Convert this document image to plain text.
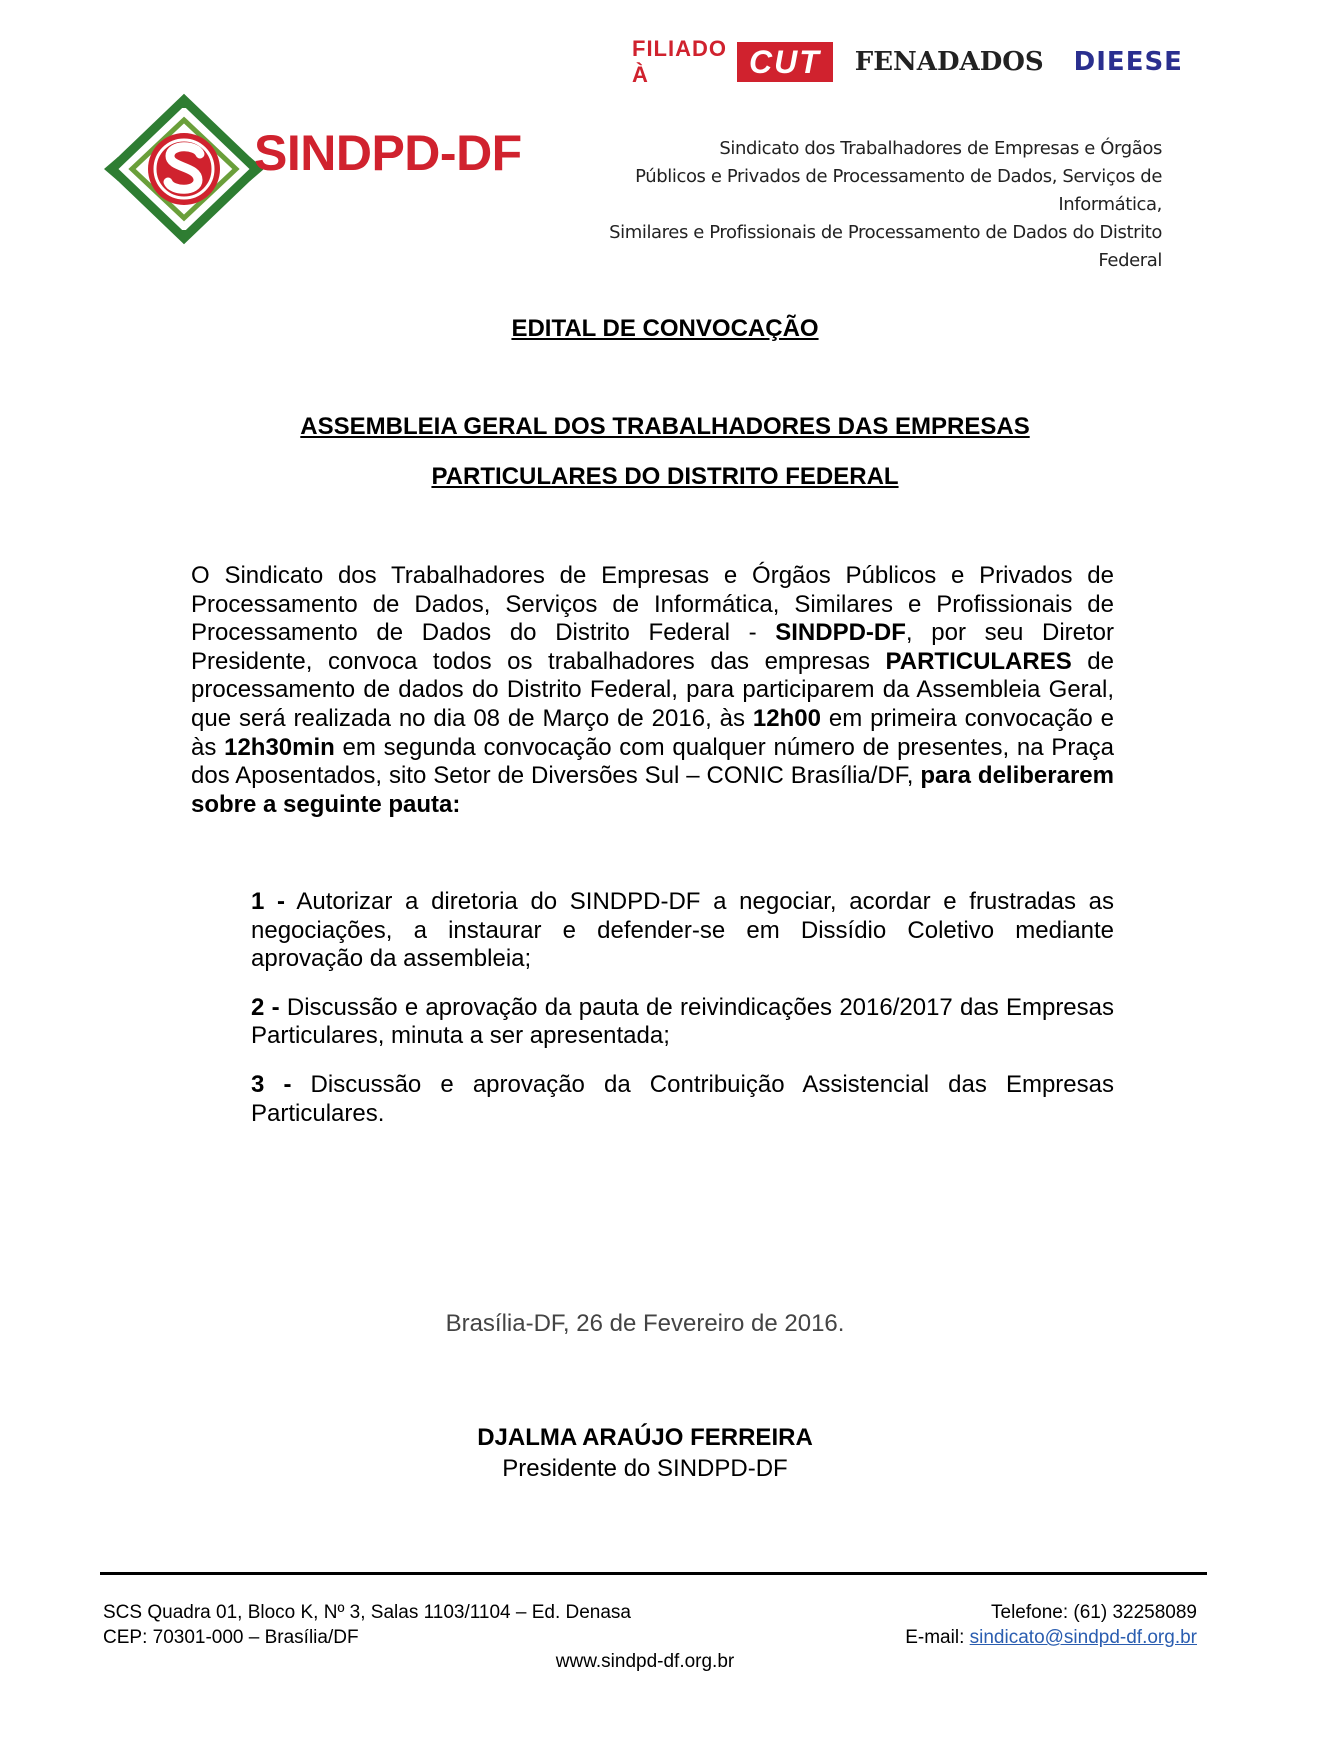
FILIADO À	CUT	FENADADOS DIEESE
SINDPD-DF	Sindicato dos Trabalhadores de Empresas e Órgãos
Públicos e Privados de Processamento de Dados, Serviços de Informática,
Similares e Profissionais de Processamento de Dados do Distrito Federal
EDITAL DE CONVOCAÇÃO
ASSEMBLEIA GERAL DOS TRABALHADORES DAS EMPRESAS
PARTICULARES DO DISTRITO FEDERAL
O Sindicato dos Trabalhadores de Empresas e Órgãos Públicos e Privados de Processamento de Dados, Serviços de Informática, Similares e Profissionais de Processamento de Dados do Distrito Federal - SINDPD-DF, por seu Diretor Presidente, convoca todos os trabalhadores das empresas PARTICULARES de processamento de dados do Distrito Federal, para participarem da Assembleia Geral, que será realizada no dia 08 de Março de 2016, às 12h00 em primeira convocação e às 12h30min em segunda convocação com qualquer número de presentes, na Praça dos Aposentados, sito Setor de Diversões Sul – CONIC Brasília/DF, para deliberarem sobre a seguinte pauta:
1 - Autorizar a diretoria do SINDPD-DF a negociar, acordar e frustradas as negociações, a instaurar e defender-se em Dissídio Coletivo mediante aprovação da assembleia;
2 - Discussão e aprovação da pauta de reivindicações 2016/2017 das Empresas Particulares, minuta a ser apresentada;
3 - Discussão e aprovação da Contribuição Assistencial das Empresas Particulares.
Brasília-DF, 26 de Fevereiro de 2016.
DJALMA ARAÚJO FERREIRA
Presidente do SINDPD-DF
SCS Quadra 01, Bloco K, Nº 3, Salas 1103/1104 – Ed. Denasa
CEP: 70301-000 – Brasília/DF
Telefone: (61) 32258089
E-mail: sindicato@sindpd-df.org.br
www.sindpd-df.org.br
